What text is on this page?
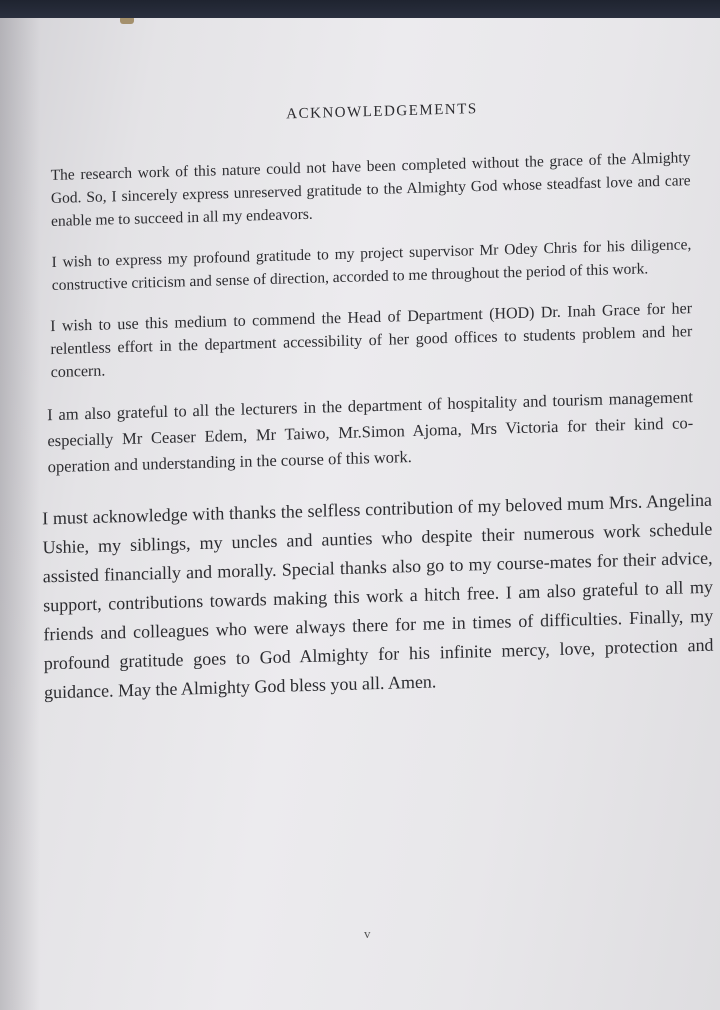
ACKNOWLEDGEMENTS

The research work of this nature could not have been completed without the grace of the Almighty God. So, I sincerely express unreserved gratitude to the Almighty God whose steadfast love and care enable me to succeed in all my endeavors.

I wish to express my profound gratitude to my project supervisor Mr Odey Chris for his diligence, constructive criticism and sense of direction, accorded to me throughout the period of this work.

I wish to use this medium to commend the Head of Department (HOD) Dr. Inah Grace for her relentless effort in the department accessibility of her good offices to students problem and her concern.

I am also grateful to all the lecturers in the department of hospitality and tourism management especially Mr Ceaser Edem, Mr Taiwo, Mr.Simon Ajoma, Mrs Victoria for their kind co-operation and understanding in the course of this work.

I must acknowledge with thanks the selfless contribution of my beloved mum Mrs. Angelina Ushie, my siblings, my uncles and aunties who despite their numerous work schedule assisted financially and morally. Special thanks also go to my course-mates for their advice, support, contributions towards making this work a hitch free. I am also grateful to all my friends and colleagues who were always there for me in times of difficulties. Finally, my profound gratitude goes to God Almighty for his infinite mercy, love, protection and guidance. May the Almighty God bless you all. Amen.

v
